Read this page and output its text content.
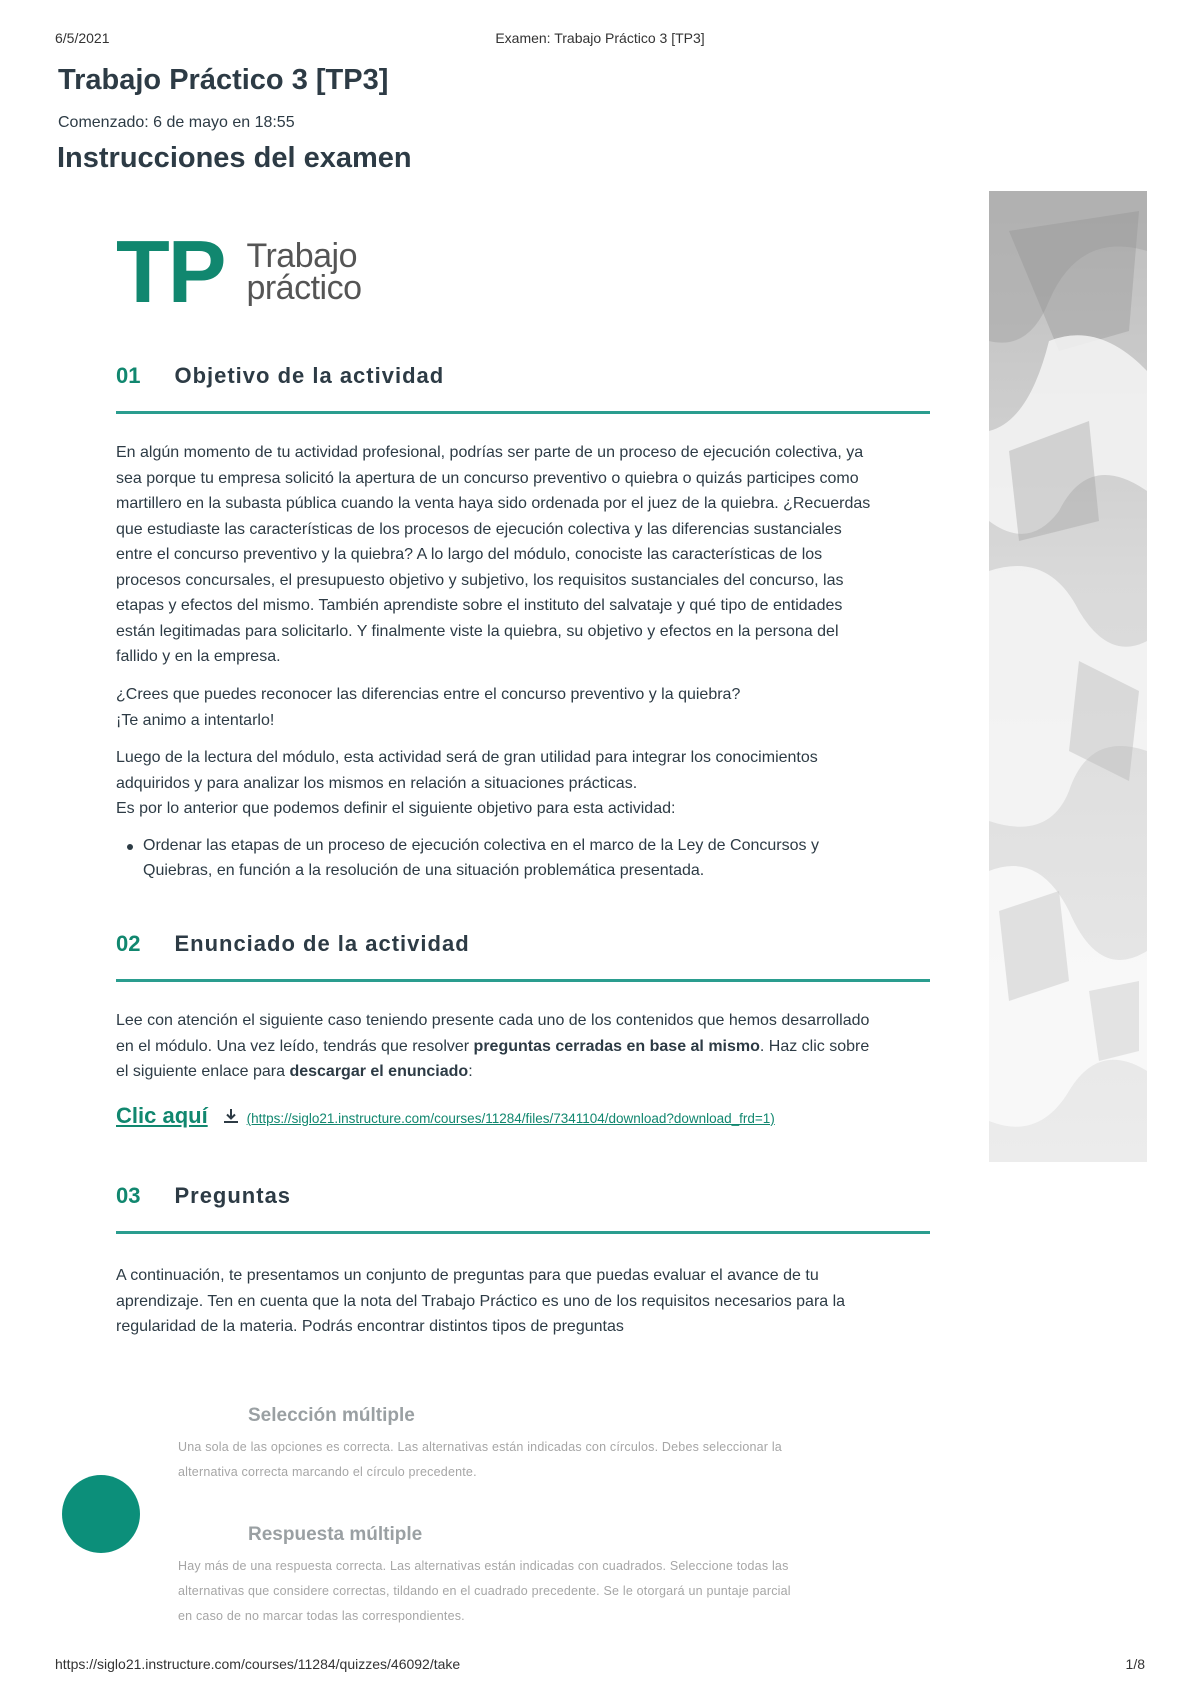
6/5/2021	Examen: Trabajo Práctico 3 [TP3]
Trabajo Práctico 3 [TP3]
Comenzado: 6 de mayo en 18:55
Instrucciones del examen
TP Trabajo
práctico
01 Objetivo de la actividad

En algún momento de tu actividad profesional, podrías ser parte de un proceso de ejecución colectiva, ya

sea porque tu empresa solicitó la apertura de un concurso preventivo o quiebra o quizás participes como

martillero en la subasta pública cuando la venta haya sido ordenada por el juez de la quiebra. ¿Recuerdas

que estudiaste las características de los procesos de ejecución colectiva y las diferencias sustanciales

entre el concurso preventivo y la quiebra? A lo largo del módulo, conociste las características de los

procesos concursales, el presupuesto objetivo y subjetivo, los requisitos sustanciales del concurso, las

etapas y efectos del mismo. También aprendiste sobre el instituto del salvataje y qué tipo de entidades

están legitimadas para solicitarlo. Y finalmente viste la quiebra, su objetivo y efectos en la persona del

fallido y en la empresa.

¿Crees que puedes reconocer las diferencias entre el concurso preventivo y la quiebra?

¡Te animo a intentarlo!

Luego de la lectura del módulo, esta actividad será de gran utilidad para integrar los conocimientos

adquiridos y para analizar los mismos en relación a situaciones prácticas.

Es por lo anterior que podemos definir el siguiente objetivo para esta actividad:

Ordenar las etapas de un proceso de ejecución colectiva en el marco de la Ley de Concursos y
Quiebras, en función a la resolución de una situación problemática presentada.
02 Enunciado de la actividad

Lee con atención el siguiente caso teniendo presente cada uno de los contenidos que hemos desarrollado

en el módulo. Una vez leído, tendrás que resolver preguntas cerradas en base al mismo. Haz clic sobre

el siguiente enlace para descargar el enunciado:

Clic aquí	(https://siglo21.instructure.com/courses/11284/files/7341104/download?download_frd=1)
03 Preguntas

A continuación, te presentamos un conjunto de preguntas para que puedas evaluar el avance de tu

aprendizaje. Ten en cuenta que la nota del Trabajo Práctico es uno de los requisitos necesarios para la

regularidad de la materia. Podrás encontrar distintos tipos de preguntas

Selección múltiple
Una sola de las opciones es correcta. Las alternativas están indicadas con círculos. Debes seleccionar la
alternativa correcta marcando el círculo precedente.
Respuesta múltiple
Hay más de una respuesta correcta. Las alternativas están indicadas con cuadrados. Seleccione todas las
alternativas que considere correctas, tildando en el cuadrado precedente. Se le otorgará un puntaje parcial
en caso de no marcar todas las correspondientes.
https://siglo21.instructure.com/courses/11284/quizzes/46092/take	1/8
